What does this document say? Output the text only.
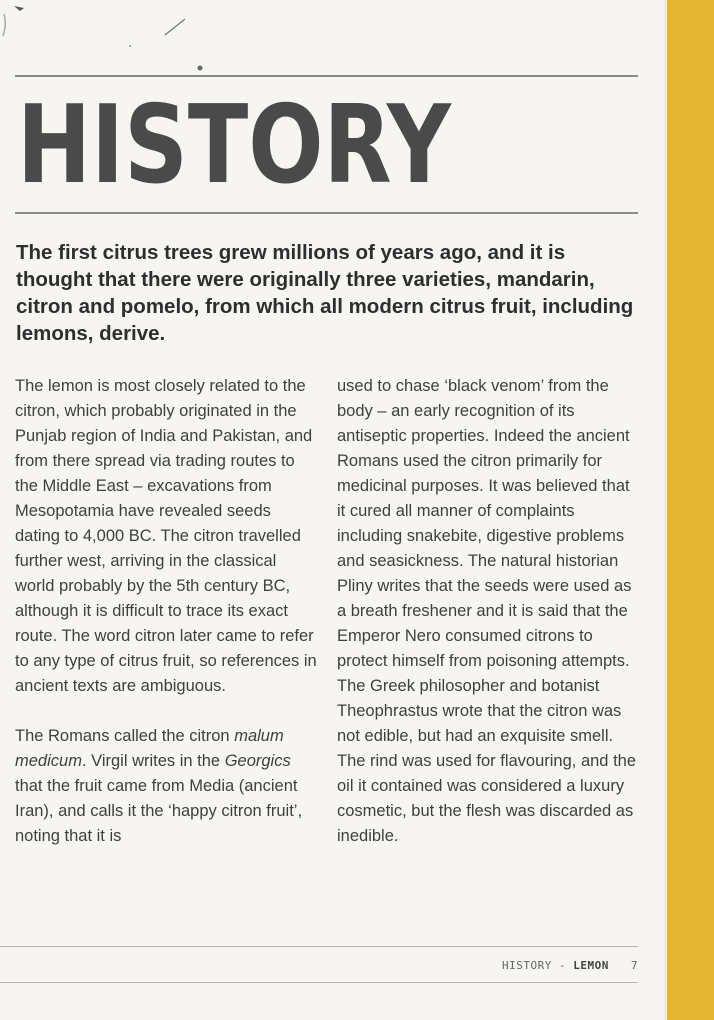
HISTORY

The first citrus trees grew millions of years ago, and it is thought that there were originally three varieties, mandarin, citron and pomelo, from which all modern citrus fruit, including lemons, derive.

The lemon is most closely related to the citron, which probably originated in the Punjab region of India and Pakistan, and from there spread via trading routes to the Middle East – excavations from Mesopotamia have revealed seeds dating to 4,000 BC. The citron travelled further west, arriving in the classical world probably by the 5th century BC, although it is difficult to trace its exact route. The word citron later came to refer to any type of citrus fruit, so references in ancient texts are ambiguous.

The Romans called the citron malum medicum. Virgil writes in the Georgics that the fruit came from Media (ancient Iran), and calls it the ‘happy citron fruit’, noting that it is

used to chase ‘black venom’ from the body – an early recognition of its antiseptic properties. Indeed the ancient Romans used the citron primarily for medicinal purposes. It was believed that it cured all manner of complaints including snakebite, digestive problems and seasickness. The natural historian Pliny writes that the seeds were used as a breath freshener and it is said that the Emperor Nero consumed citrons to protect himself from poisoning attempts. The Greek philosopher and botanist Theophrastus wrote that the citron was not edible, but had an exquisite smell. The rind was used for flavouring, and the oil it contained was considered a luxury cosmetic, but the flesh was discarded as inedible.

HISTORY - LEMON 7
